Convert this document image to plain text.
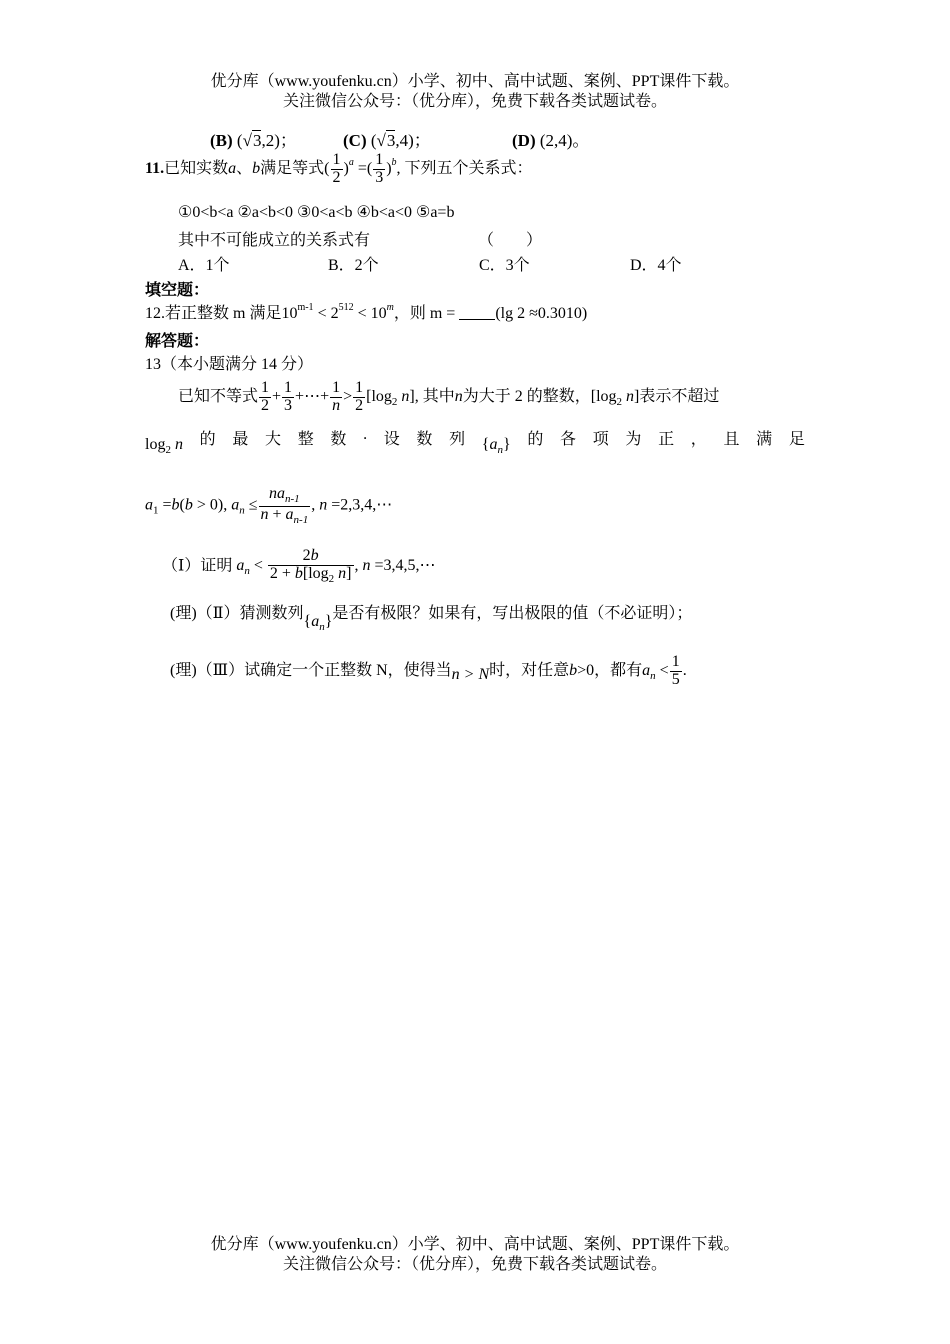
优分库（www.youfenku.cn）小学、初中、高中试题、案例、PPT课件下载。
关注微信公众号：（优分库），免费下载各类试题试卷。
(B) (√3,2)；	(C) (√3,4)；	(D) (2,4)。
11.已知实数a、b满足等式( $\frac{1}{2} )^a$ =( $\frac{1}{3} )^b$, 下列五个关系式：
①0<b<a ②a<b<0 ③0<a<b ④b<a<0 ⑤a=b
其中不可能成立的关系式有	（　　）
A．1个	B．2个	C．3个	D．4个
填空题：
12.若正整数 m 满足$10^{m-1} < 2^{512} < 10^m$，则 m =	(lg 2 ≈0.3010)
解答题：
13（本小题满分 14 分）
已知不等式 $\frac{1}{2} + \frac{1}{3}$ +⋯+ $\frac{1}{n} > \frac{1}{2} [\log_2$ n], 其中n为大于 2 的整数，[$\log_2$ n]表示不超过
$\log_2 n$ 的 最 大 整 数 . 设 数 列 $\{a_n\}$ 的 各 项 为 正 ， 且 满 足
$a_1 =b(b > 0)$, $a_n \le \frac{na_{n-1}}{n + a_{n-1}}$ , n =2,3,4,⋯
（Ⅰ）证明 $a_n < \frac{2b}{2 + b[\log_2 n]}$ , n =3,4,5,⋯
(理)（Ⅱ）猜测数列$\{a_n\}$是否有极限？如果有，写出极限的值（不必证明）；
(理)（Ⅲ）试确定一个正整数 N，使得当n > N时，对任意b>0，都有$a_n < \frac{1}{5}$ .
优分库（www.youfenku.cn）小学、初中、高中试题、案例、PPT课件下载。
关注微信公众号：（优分库），免费下载各类试题试卷。
